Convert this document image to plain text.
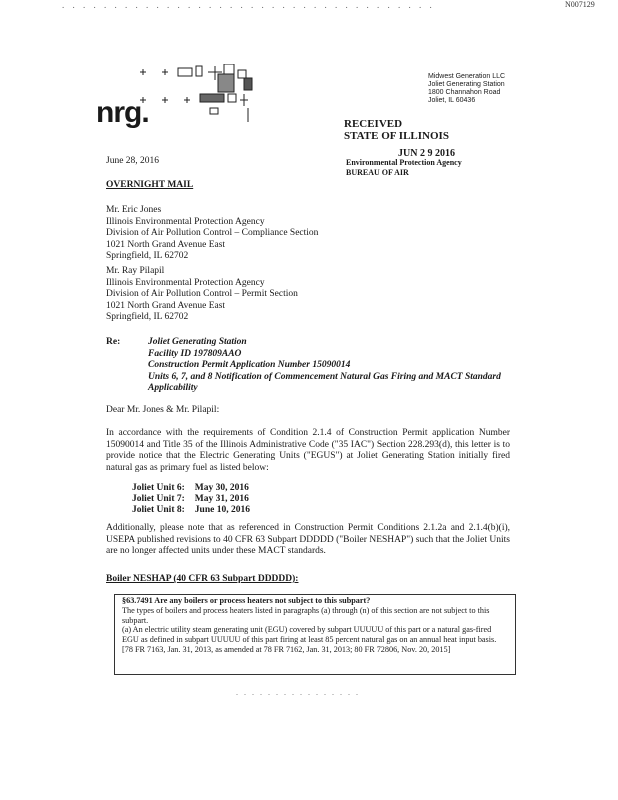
. . . . . . . . . . . . . . . . . . . . . . . . . . . . . . . . . . . .	N007129
nrg.
Midwest Generation LLC
Joliet Generating Station
1800 Channahon Road
Joliet, IL 60436
RECEIVED
STATE OF ILLINOIS
JUN 2 9 2016
Environmental Protection Agency
BUREAU OF AIR
June 28, 2016
OVERNIGHT MAIL
Mr. Eric Jones
Illinois Environmental Protection Agency
Division of Air Pollution Control – Compliance Section
1021 North Grand Avenue East
Springfield, IL 62702
Mr. Ray Pilapil
Illinois Environmental Protection Agency
Division of Air Pollution Control – Permit Section
1021 North Grand Avenue East
Springfield, IL 62702
Re:	Joliet Generating Station
Facility ID 197809AAO
Construction Permit Application Number 15090014
Units 6, 7, and 8 Notification of Commencement Natural Gas Firing and MACT Standard
Applicability
Dear Mr. Jones & Mr. Pilapil:
In accordance with the requirements of Condition 2.1.4 of Construction Permit application Number 15090014 and Title 35 of the Illinois Administrative Code ("35 IAC") Section 228.293(d), this letter is to provide notice that the Electric Generating Units ("EGUS") at Joliet Generating Station initially fired natural gas as primary fuel as listed below:
Joliet Unit 6:	May 30, 2016
Joliet Unit 7:	May 31, 2016
Joliet Unit 8:	June 10, 2016
Additionally, please note that as referenced in Construction Permit Conditions 2.1.2a and 2.1.4(b)(i), USEPA published revisions to 40 CFR 63 Subpart DDDDD ("Boiler NESHAP") such that the Joliet Units are no longer affected units under these MACT standards.
Boiler NESHAP (40 CFR 63 Subpart DDDDD):
§63.7491 Are any boilers or process heaters not subject to this subpart?
The types of boilers and process heaters listed in paragraphs (a) through (n) of this section are not subject to this subpart.
(a) An electric utility steam generating unit (EGU) covered by subpart UUUUU of this part or a natural gas-fired EGU as defined in subpart UUUUU of this part firing at least 85 percent natural gas on an annual heat input basis.
[78 FR 7163, Jan. 31, 2013, as amended at 78 FR 7162, Jan. 31, 2013; 80 FR 72806, Nov. 20, 2015]
. . . . . . . . . . . . . . . .
